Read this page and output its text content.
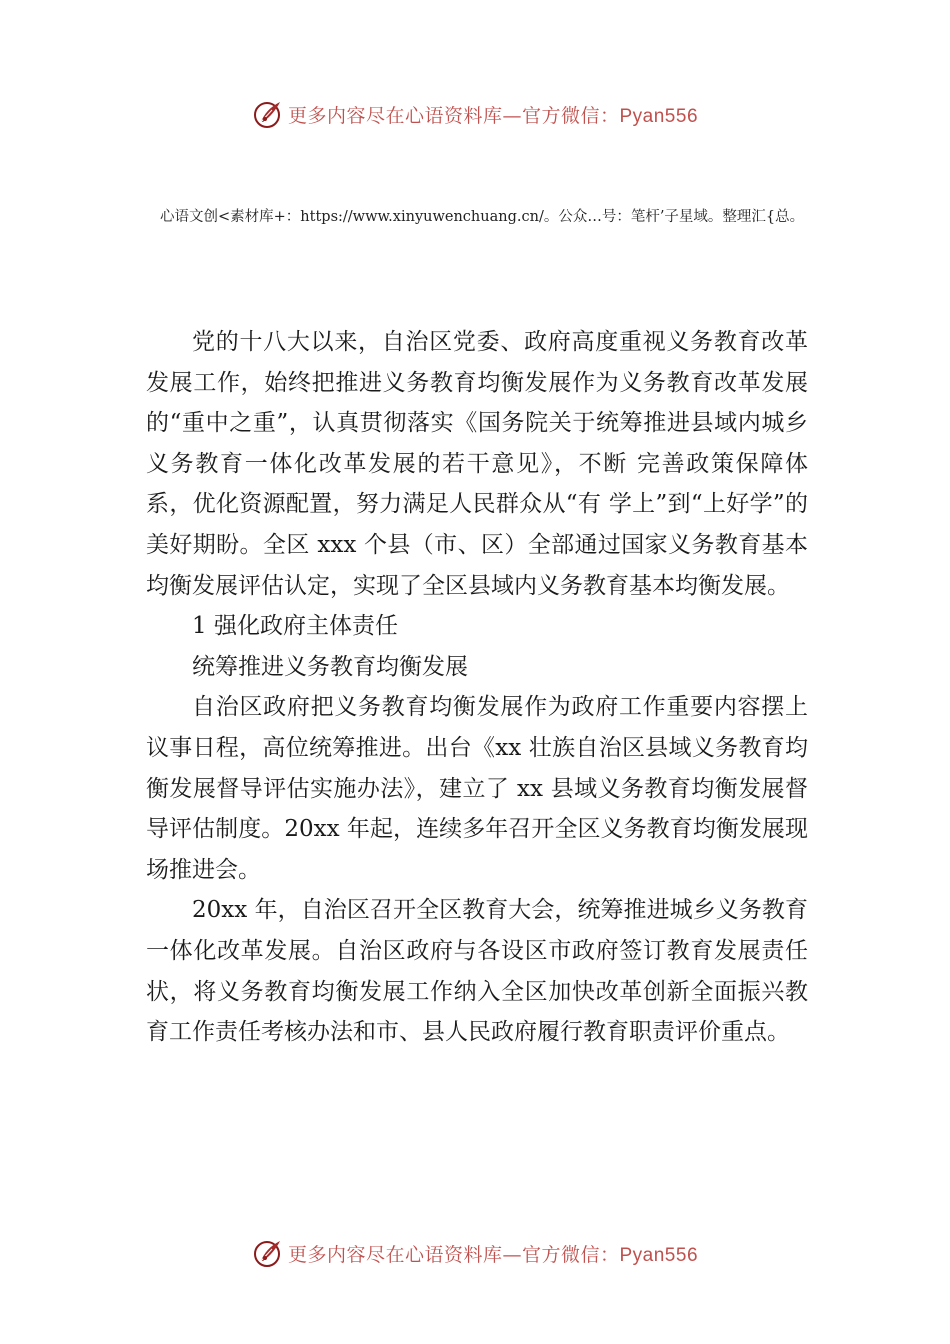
更多内容尽在心语资料库—官方微信：Pyan556
心语文创<素材库+：https://www.xinyuwenchuang.cn/。公众…号：笔杆’子星域。整理汇{总。

党的十八大以来，自治区党委、政府高度重视义务教育改革发展工作，始终把推进义务教育均衡发展作为义务教育改革发展的“重中之重”，认真贯彻落实《国务院关于统筹推进县域内城乡义务教育一体化改革发展的若干意见》，不断 完善政策保障体系，优化资源配置，努力满足人民群众从“有 学上”到“上好学”的美好期盼。全区 xxx 个县（市、区）全部通过国家义务教育基本均衡发展评估认定，实现了全区县域内义务教育基本均衡发展。

1 强化政府主体责任

统筹推进义务教育均衡发展

自治区政府把义务教育均衡发展作为政府工作重要内容摆上议事日程，高位统筹推进。出台《xx 壮族自治区县域义务教育均衡发展督导评估实施办法》，建立了 xx 县域义务教育均衡发展督导评估制度。20xx 年起，连续多年召开全区义务教育均衡发展现场推进会。

20xx 年，自治区召开全区教育大会，统筹推进城乡义务教育一体化改革发展。自治区政府与各设区市政府签订教育发展责任状，将义务教育均衡发展工作纳入全区加快改革创新全面振兴教育工作责任考核办法和市、县人民政府履行教育职责评价重点。

更多内容尽在心语资料库—官方微信：Pyan556
